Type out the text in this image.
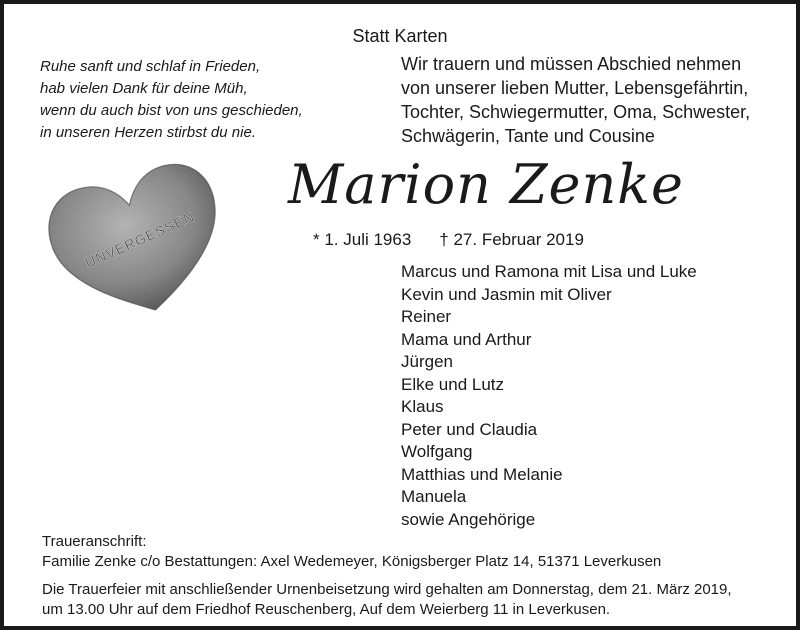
Statt Karten
Ruhe sanft und schlaf in Frieden,
hab vielen Dank für deine Müh,
wenn du auch bist von uns geschieden,
in unseren Herzen stirbst du nie.
Wir trauern und müssen Abschied nehmen
von unserer lieben Mutter, Lebensgefährtin,
Tochter, Schwiegermutter, Oma, Schwester,
Schwägerin, Tante und Cousine
UNVERGESSEN
Marion Zenke
* 1. Juli 1963 † 27. Februar 2019
Marcus und Ramona mit Lisa und Luke
Kevin und Jasmin mit Oliver
Reiner
Mama und Arthur
Jürgen
Elke und Lutz
Klaus
Peter und Claudia
Wolfgang
Matthias und Melanie
Manuela
sowie Angehörige

Traueranschrift:

Familie Zenke c/o Bestattungen: Axel Wedemeyer, Königsberger Platz 14, 51371 Leverkusen

Die Trauerfeier mit anschließender Urnenbeisetzung wird gehalten am Donnerstag, dem 21. März 2019,

um 13.00 Uhr auf dem Friedhof Reuschenberg, Auf dem Weierberg 11 in Leverkusen.
